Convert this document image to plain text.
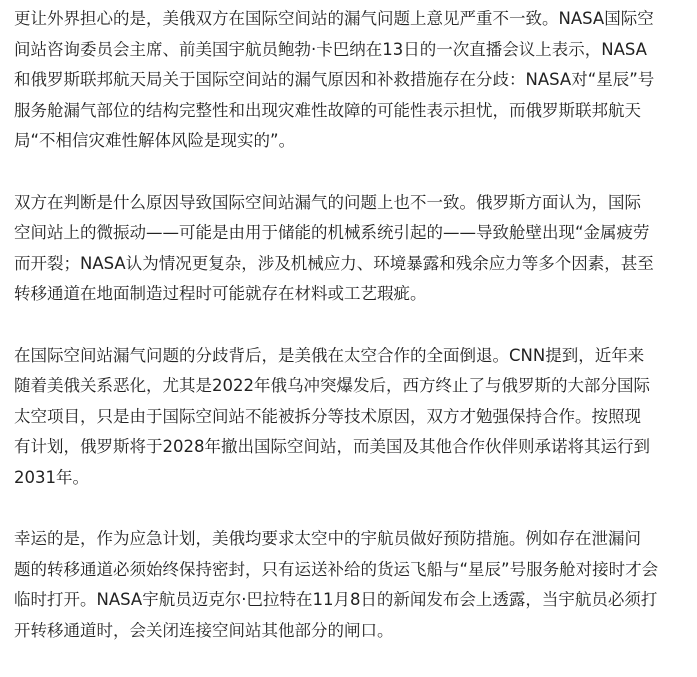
更让外界担心的是，美俄双方在国际空间站的漏气问题上意见严重不一致。NASA国际空
间站咨询委员会主席、前美国宇航员鲍勃·卡巴纳在13日的一次直播会议上表示，NASA
和俄罗斯联邦航天局关于国际空间站的漏气原因和补救措施存在分歧：NASA对“星辰”号
服务舱漏气部位的结构完整性和出现灾难性故障的可能性表示担忧，而俄罗斯联邦航天
局“不相信灾难性解体风险是现实的”。

双方在判断是什么原因导致国际空间站漏气的问题上也不一致。俄罗斯方面认为，国际
空间站上的微振动——可能是由用于储能的机械系统引起的——导致舱壁出现“金属疲劳
而开裂；NASA认为情况更复杂，涉及机械应力、环境暴露和残余应力等多个因素，甚至
转移通道在地面制造过程时可能就存在材料或工艺瑕疵。

在国际空间站漏气问题的分歧背后，是美俄在太空合作的全面倒退。CNN提到，近年来
随着美俄关系恶化，尤其是2022年俄乌冲突爆发后，西方终止了与俄罗斯的大部分国际
太空项目，只是由于国际空间站不能被拆分等技术原因，双方才勉强保持合作。按照现
有计划，俄罗斯将于2028年撤出国际空间站，而美国及其他合作伙伴则承诺将其运行到
2031年。

幸运的是，作为应急计划，美俄均要求太空中的宇航员做好预防措施。例如存在泄漏问
题的转移通道必须始终保持密封，只有运送补给的货运飞船与“星辰”号服务舱对接时才会
临时打开。NASA宇航员迈克尔·巴拉特在11月8日的新闻发布会上透露，当宇航员必须打
开转移通道时，会关闭连接空间站其他部分的闸口。
